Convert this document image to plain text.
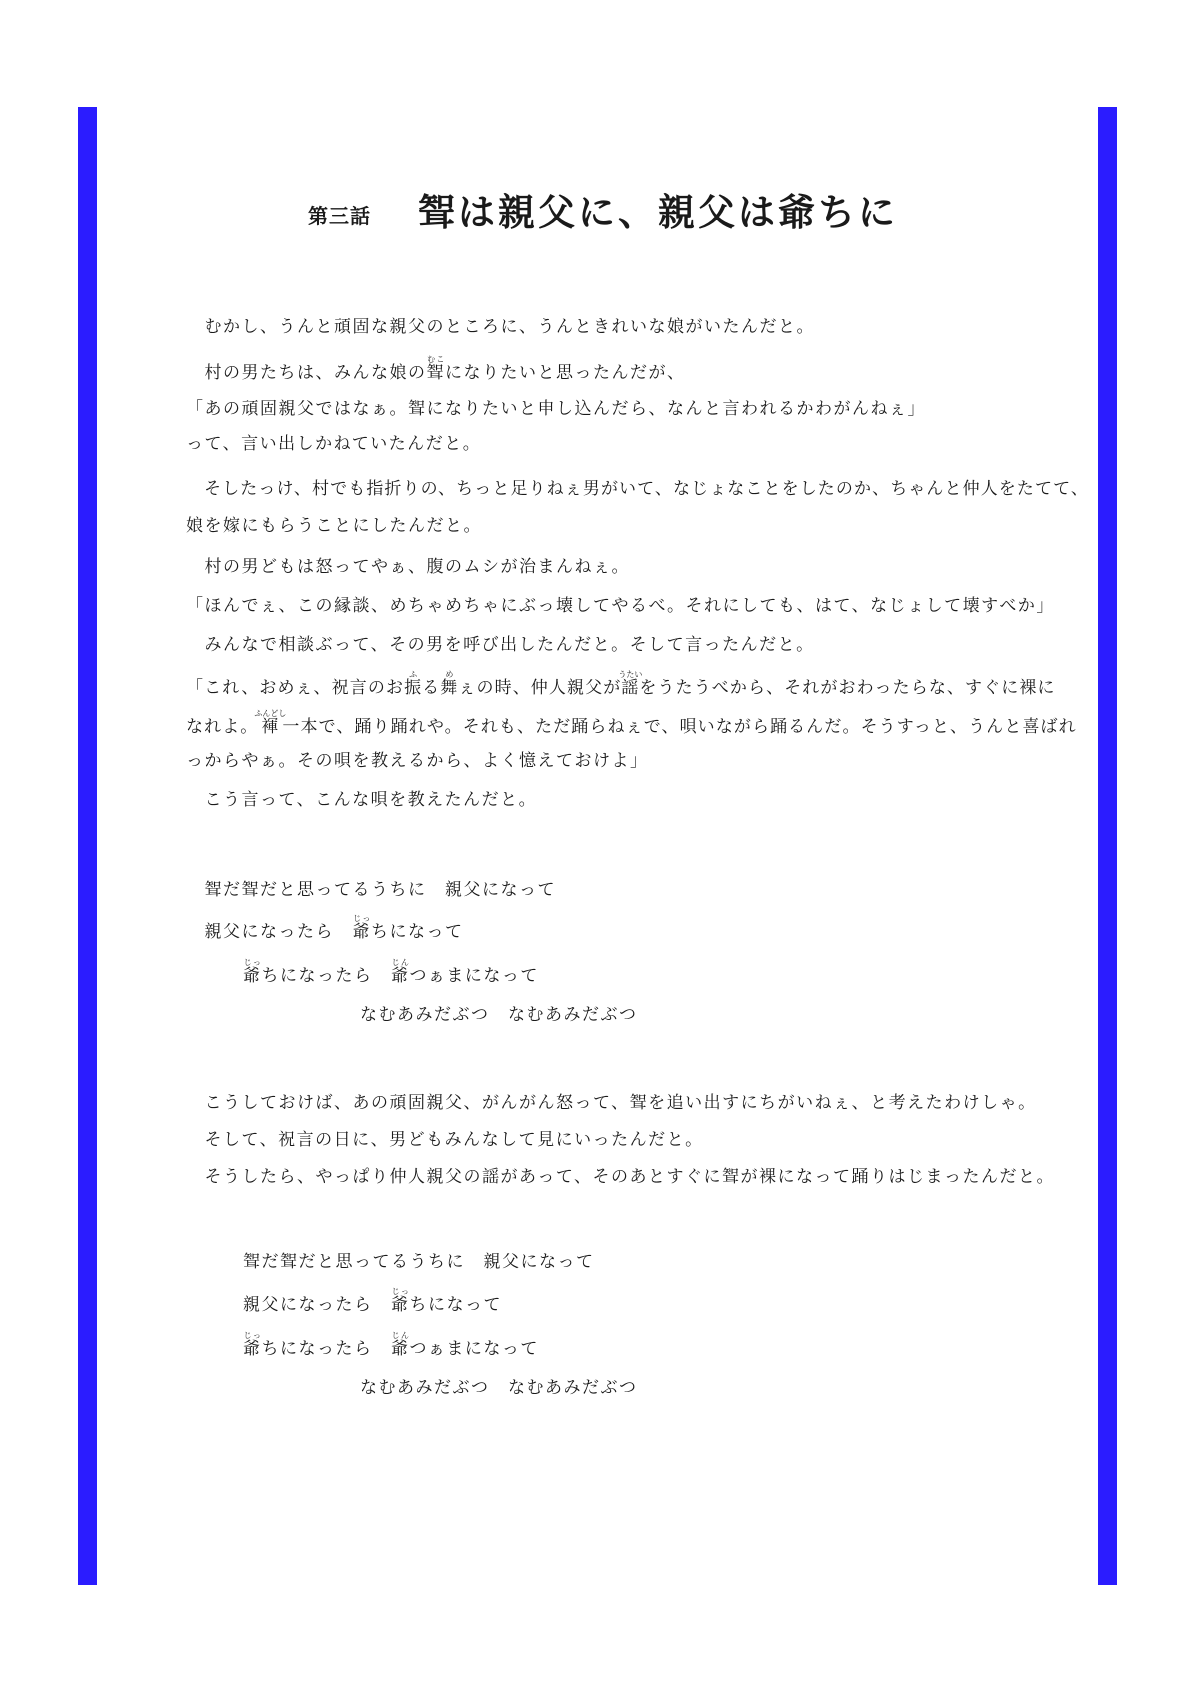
第三話 聟は親父に、親父は爺ちに
　むかし、うんと頑固な親父のところに、うんときれいな娘がいたんだと。
　村の男たちは、みんな娘の聟むこになりたいと思ったんだが、
「あの頑固親父ではなぁ。聟になりたいと申し込んだら、なんと言われるかわがんねぇ」
って、言い出しかねていたんだと。
　そしたっけ、村でも指折りの、ちっと足りねぇ男がいて、なじょなことをしたのか、ちゃんと仲人をたてて、
娘を嫁にもらうことにしたんだと。
　村の男どもは怒ってやぁ、腹のムシが治まんねぇ。
「ほんでぇ、この縁談、めちゃめちゃにぶっ壊してやるべ。それにしても、はて、なじょして壊すべか」
　みんなで相談ぶって、その男を呼び出したんだと。そして言ったんだと。
「これ、おめぇ、祝言のお振ふる舞めぇの時、仲人親父が謡うたいをうたうべから、それがおわったらな、すぐに裸に
なれよ。褌ふんどし一本で、踊り踊れや。それも、ただ踊らねぇで、唄いながら踊るんだ。そうすっと、うんと喜ばれ
っからやぁ。その唄を教えるから、よく憶えておけよ」
　こう言って、こんな唄を教えたんだと。
　聟だ聟だと思ってるうちに　親父になって
　親父になったら　爺じっちになって
爺じっちになったら　爺じんつぁまになって
なむあみだぶつ　なむあみだぶつ
　こうしておけば、あの頑固親父、がんがん怒って、聟を追い出すにちがいねぇ、と考えたわけしゃ。
　そして、祝言の日に、男どもみんなして見にいったんだと。
　そうしたら、やっぱり仲人親父の謡があって、そのあとすぐに聟が裸になって踊りはじまったんだと。
聟だ聟だと思ってるうちに　親父になって
親父になったら　爺じっちになって
爺じっちになったら　爺じんつぁまになって
なむあみだぶつ　なむあみだぶつ
